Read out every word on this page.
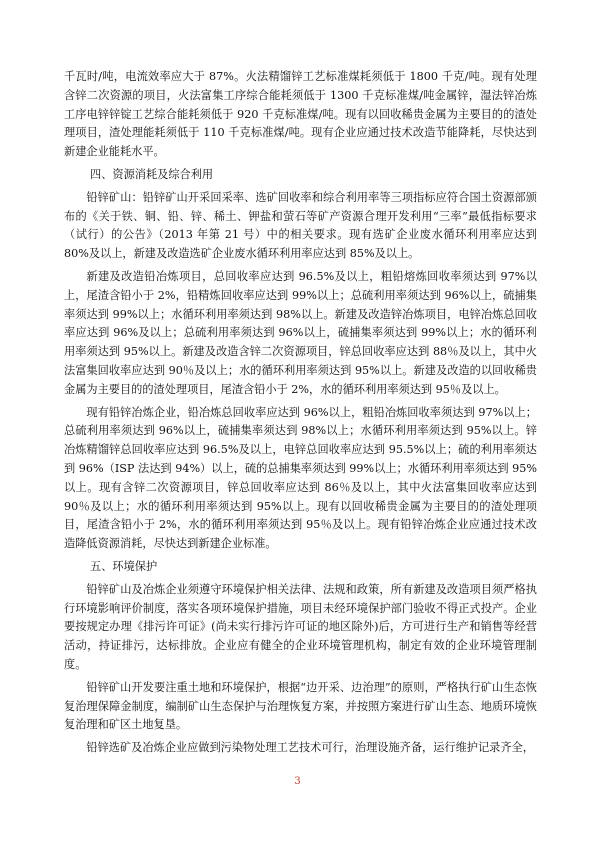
千瓦时/吨，电流效率应大于 87%。火法精馏锌工艺标准煤耗须低于 1800 千克/吨。现有处理含锌二次资源的项目，火法富集工序综合能耗须低于 1300 千克标准煤/吨金属锌，湿法锌冶炼工序电锌锌锭工艺综合能耗须低于 920 千克标准煤/吨。现有以回收稀贵金属为主要目的的渣处理项目，渣处理能耗须低于 110 千克标准煤/吨。现有企业应通过技术改造节能降耗，尽快达到新建企业能耗水平。

四、资源消耗及综合利用

铅锌矿山：铅锌矿山开采回采率、选矿回收率和综合利用率等三项指标应符合国土资源部颁布的《关于铁、铜、铅、锌、稀土、钾盐和萤石等矿产资源合理开发利用“三率”最低指标要求（试行）的公告》（2013 年第 21 号）中的相关要求。现有选矿企业废水循环利用率应达到 80%及以上，新建及改造选矿企业废水循环利用率应达到 85%及以上。

新建及改造铅冶炼项目，总回收率应达到 96.5%及以上，粗铅熔炼回收率须达到 97%以上，尾渣含铅小于 2%，铅精炼回收率应达到 99%以上；总硫利用率须达到 96%以上，硫捕集率须达到 99%以上；水循环利用率须达到 98%以上。新建及改造锌冶炼项目，电锌冶炼总回收率应达到 96%及以上；总硫利用率须达到 96%以上，硫捕集率须达到 99%以上；水的循环利用率须达到 95%以上。新建及改造含锌二次资源项目，锌总回收率应达到 88％及以上，其中火法富集回收率应达到 90％及以上；水的循环利用率须达到 95%以上。新建及改造的以回收稀贵金属为主要目的的渣处理项目，尾渣含铅小于 2%，水的循环利用率须达到 95％及以上。

现有铅锌冶炼企业，铅冶炼总回收率应达到 96%以上，粗铅冶炼回收率须达到 97%以上；总硫利用率须达到 96%以上，硫捕集率须达到 98%以上；水循环利用率须达到 95%以上。锌冶炼精馏锌总回收率应达到 96.5%及以上，电锌总回收率应达到 95.5%以上；硫的利用率须达到 96%（ISP 法达到 94%）以上，硫的总捕集率须达到 99%以上；水循环利用率须达到 95%以上。现有含锌二次资源项目，锌总回收率应达到 86％及以上，其中火法富集回收率应达到 90％及以上；水的循环利用率须达到 95%以上。现有以回收稀贵金属为主要目的的渣处理项目，尾渣含铅小于 2%，水的循环利用率须达到 95％及以上。现有铅锌冶炼企业应通过技术改造降低资源消耗，尽快达到新建企业标准。

五、环境保护

铅锌矿山及冶炼企业须遵守环境保护相关法律、法规和政策，所有新建及改造项目须严格执行环境影响评价制度，落实各项环境保护措施，项目未经环境保护部门验收不得正式投产。企业要按规定办理《排污许可证》(尚未实行排污许可证的地区除外)后，方可进行生产和销售等经营活动，持证排污，达标排放。企业应有健全的企业环境管理机构，制定有效的企业环境管理制度。

铅锌矿山开发要注重土地和环境保护，根据“边开采、边治理”的原则，严格执行矿山生态恢复治理保障金制度，编制矿山生态保护与治理恢复方案，并按照方案进行矿山生态、地质环境恢复治理和矿区土地复垦。

铅锌选矿及冶炼企业应做到污染物处理工艺技术可行，治理设施齐备，运行维护记录齐全，

3
